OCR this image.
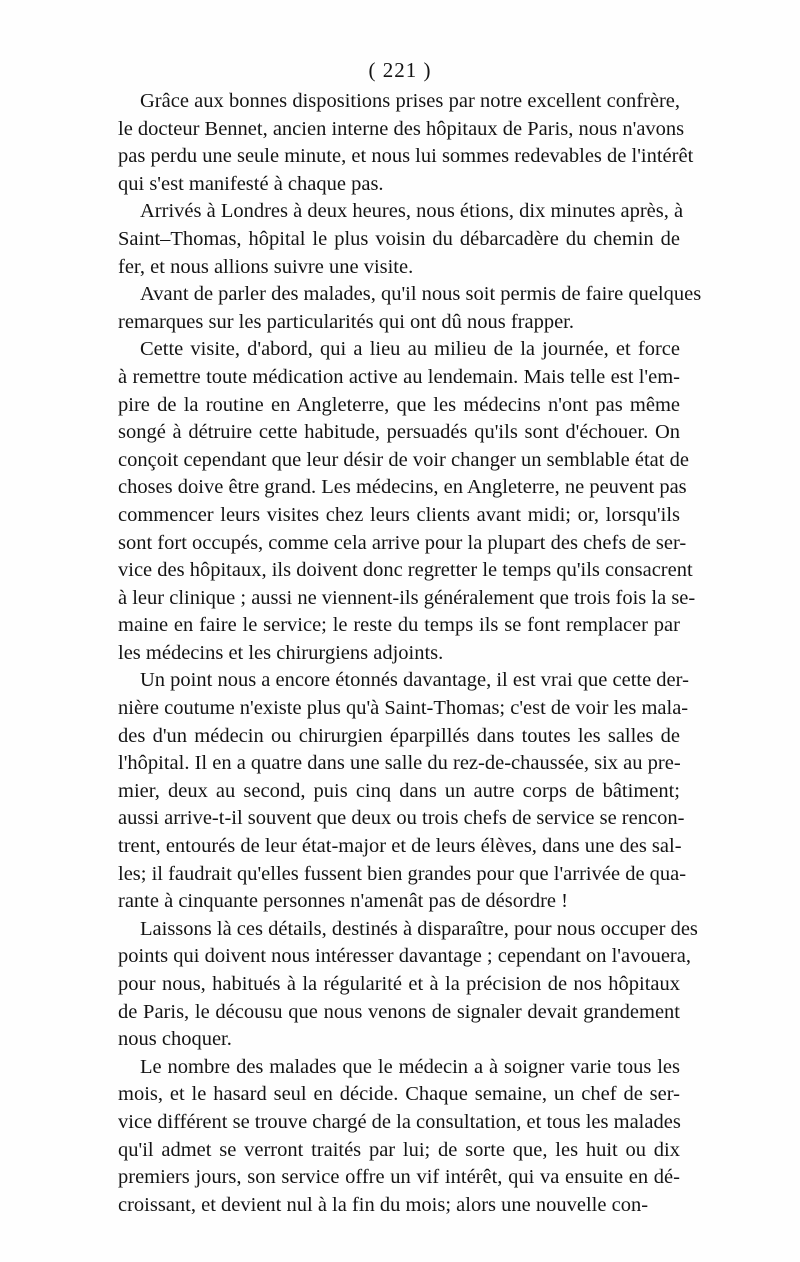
( 221 )
Grâce aux bonnes dispositions prises par notre excellent confrère,
le docteur Bennet, ancien interne des hôpitaux de Paris, nous n'avons
pas perdu une seule minute, et nous lui sommes redevables de l'intérêt
qui s'est manifesté à chaque pas.
Arrivés à Londres à deux heures, nous étions, dix minutes après, à
Saint–Thomas, hôpital le plus voisin du débarcadère du chemin de
fer, et nous allions suivre une visite.
Avant de parler des malades, qu'il nous soit permis de faire quelques
remarques sur les particularités qui ont dû nous frapper.
Cette visite, d'abord, qui a lieu au milieu de la journée, et force
à remettre toute médication active au lendemain. Mais telle est l'em-
pire de la routine en Angleterre, que les médecins n'ont pas même
songé à détruire cette habitude, persuadés qu'ils sont d'échouer. On
conçoit cependant que leur désir de voir changer un semblable état de
choses doive être grand. Les médecins, en Angleterre, ne peuvent pas
commencer leurs visites chez leurs clients avant midi; or, lorsqu'ils
sont fort occupés, comme cela arrive pour la plupart des chefs de ser-
vice des hôpitaux, ils doivent donc regretter le temps qu'ils consacrent
à leur clinique ; aussi ne viennent-ils généralement que trois fois la se-
maine en faire le service; le reste du temps ils se font remplacer par
les médecins et les chirurgiens adjoints.
Un point nous a encore étonnés davantage, il est vrai que cette der-
nière coutume n'existe plus qu'à Saint-Thomas; c'est de voir les mala-
des d'un médecin ou chirurgien éparpillés dans toutes les salles de
l'hôpital. Il en a quatre dans une salle du rez-de-chaussée, six au pre-
mier, deux au second, puis cinq dans un autre corps de bâtiment;
aussi arrive-t-il souvent que deux ou trois chefs de service se rencon-
trent, entourés de leur état-major et de leurs élèves, dans une des sal-
les; il faudrait qu'elles fussent bien grandes pour que l'arrivée de qua-
rante à cinquante personnes n'amenât pas de désordre !
Laissons là ces détails, destinés à disparaître, pour nous occuper des
points qui doivent nous intéresser davantage ; cependant on l'avouera,
pour nous, habitués à la régularité et à la précision de nos hôpitaux
de Paris, le décousu que nous venons de signaler devait grandement
nous choquer.
Le nombre des malades que le médecin a à soigner varie tous les
mois, et le hasard seul en décide. Chaque semaine, un chef de ser-
vice différent se trouve chargé de la consultation, et tous les malades
qu'il admet se verront traités par lui; de sorte que, les huit ou dix
premiers jours, son service offre un vif intérêt, qui va ensuite en dé-
croissant, et devient nul à la fin du mois; alors une nouvelle con-
